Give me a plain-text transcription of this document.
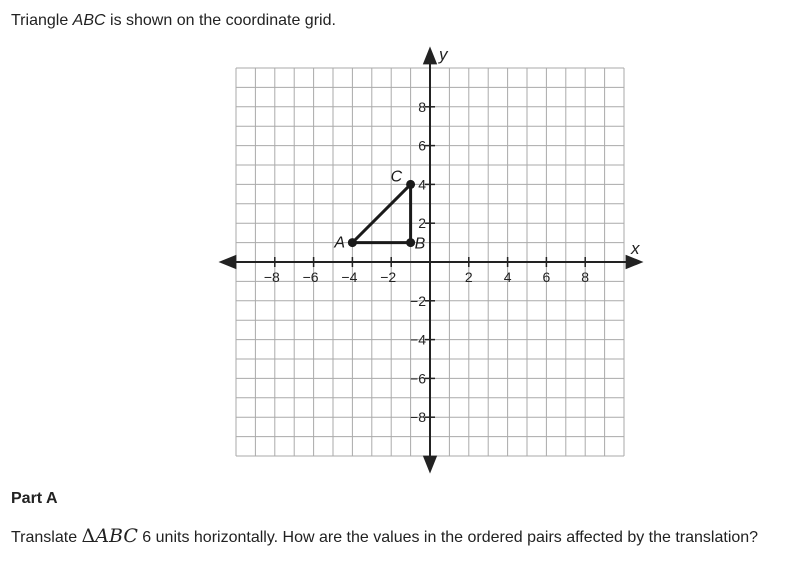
Triangle ABC is shown on the coordinate grid.
−8 −6 −4 −2	2 4 6 8
8
6
4
2
−2
−4
−6
−8
x
y
A	B
C
Part A
Translate ΔABC 6 units horizontally. How are the values in the ordered pairs affected by the translation?
